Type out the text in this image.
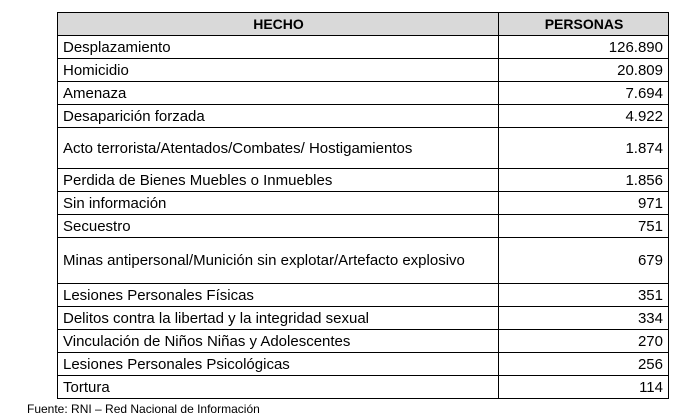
HECHO	PERSONAS
Desplazamiento	126.890
Homicidio	20.809
Amenaza	7.694
Desaparición forzada	4.922
Acto terrorista/Atentados/Combates/ Hostigamientos	1.874
Perdida de Bienes Muebles o Inmuebles	1.856
Sin información	971
Secuestro	751
Minas antipersonal/Munición sin explotar/Artefacto explosivo	679
Lesiones Personales Físicas	351
Delitos contra la libertad y la integridad sexual	334
Vinculación de Niños Niñas y Adolescentes	270
Lesiones Personales Psicológicas	256
Tortura	114
Fuente: RNI – Red Nacional de Información
